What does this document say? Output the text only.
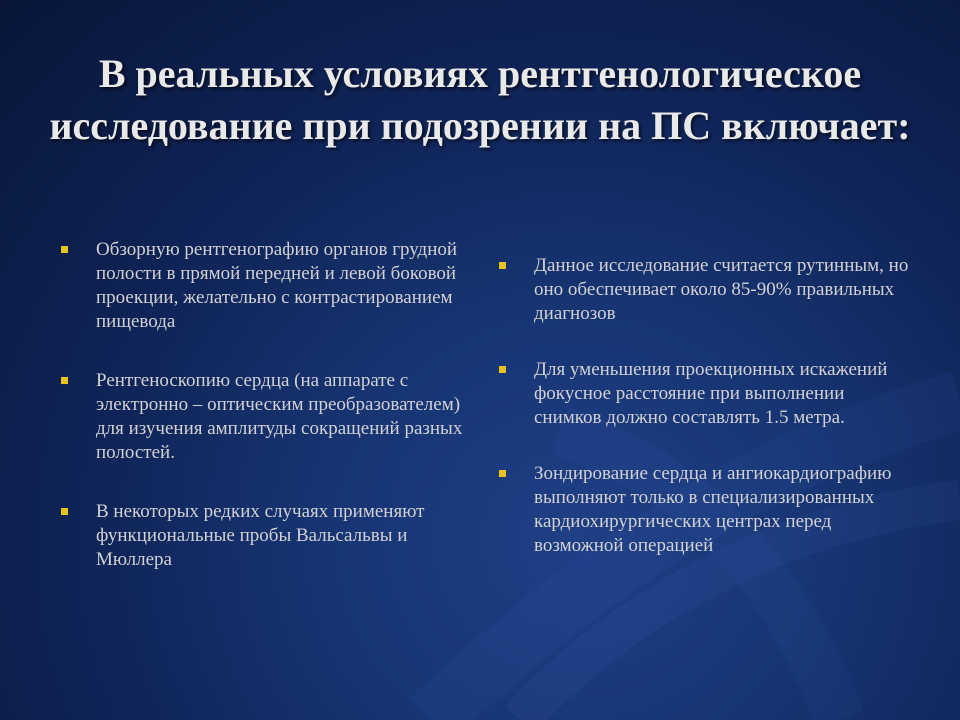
В реальных условиях рентгенологическое исследование при подозрении на ПС включает:
Обзорную рентгенографию органов грудной полости в прямой передней и левой боковой проекции, желательно с контрастированием пищевода
Рентгеноскопию сердца (на аппарате с электронно – оптическим преобразователем) для изучения амплитуды сокращений разных полостей.
В некоторых редких случаях применяют функциональные пробы Вальсальвы и Мюллера
Данное исследование считается рутинным, но оно обеспечивает около 85-90% правильных диагнозов
Для уменьшения проекционных искажений фокусное расстояние при выполнении снимков должно составлять 1.5 метра.
Зондирование сердца и ангиокардиографию выполняют только в специализированных кардиохирургических центрах перед возможной операцией
